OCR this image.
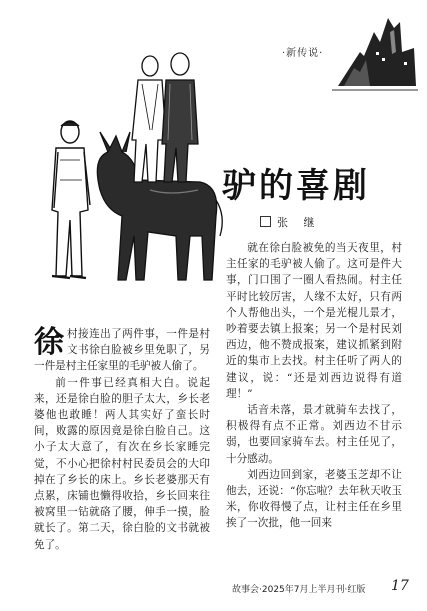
·新传说·
驴的喜剧
张 继
徐 村接连出了两件事，一件是村文书徐白脸被乡里免职了，另一件是村主任家里的毛驴被人偷了。

前一件事已经真相大白。说起来，还是徐白脸的胆子太大，乡长老婆他也敢睡！两人其实好了蛮长时间，败露的原因竟是徐白脸自己。这小子太大意了，有次在乡长家睡完觉，不小心把徐村村民委员会的大印掉在了乡长的床上。乡长老婆那天有点累，床铺也懒得收拾，乡长回来往被窝里一钻就硌了腰，伸手一摸，脸就长了。第二天，徐白脸的文书就被免了。

就在徐白脸被免的当天夜里，村主任家的毛驴被人偷了。这可是件大事，门口围了一圈人看热闹。村主任平时比较厉害，人缘不太好，只有两个人帮他出头，一个是光棍儿景才，吵着要去镇上报案；另一个是村民刘西边，他不赞成报案，建议抓紧到附近的集市上去找。村主任听了两人的建议，说：“还是刘西边说得有道理！”

话音未落，景才就骑车去找了，积极得有点不正常。刘西边不甘示弱，也要回家骑车去。村主任见了，十分感动。

刘西边回到家，老婆玉芝却不让他去，还说：“你忘啦？去年秋天收玉米，你收得慢了点，让村主任在乡里挨了一次批，他一回来

故事会·2025年7月上半月刊·红版 17
